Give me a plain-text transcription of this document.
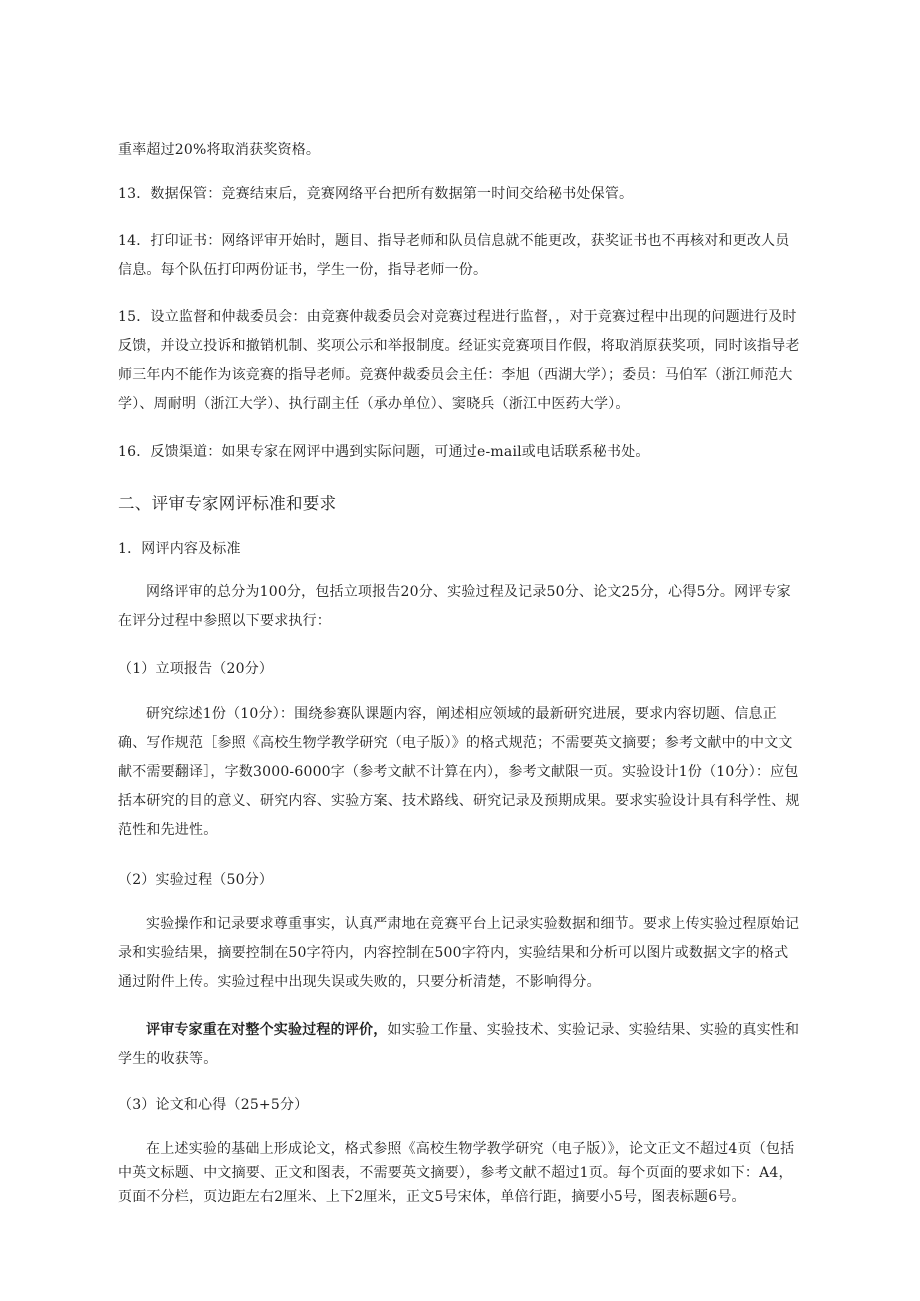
重率超过20%将取消获奖资格。

13．数据保管：竞赛结束后，竞赛网络平台把所有数据第一时间交给秘书处保管。

14．打印证书：网络评审开始时，题目、指导老师和队员信息就不能更改，获奖证书也不再核对和更改人员信息。每个队伍打印两份证书，学生一份，指导老师一份。

15．设立监督和仲裁委员会：由竞赛仲裁委员会对竞赛过程进行监督，，对于竞赛过程中出现的问题进行及时反馈，并设立投诉和撤销机制、奖项公示和举报制度。经证实竞赛项目作假，将取消原获奖项，同时该指导老师三年内不能作为该竞赛的指导老师。竞赛仲裁委员会主任：李旭（西湖大学）；委员：马伯军（浙江师范大学）、周耐明（浙江大学）、执行副主任（承办单位）、窦晓兵（浙江中医药大学）。

16．反馈渠道：如果专家在网评中遇到实际问题，可通过e-mail或电话联系秘书处。

二、评审专家网评标准和要求

1．网评内容及标准

网络评审的总分为100分，包括立项报告20分、实验过程及记录50分、论文25分，心得5分。网评专家在评分过程中参照以下要求执行：

（1）立项报告（20分）

研究综述1份（10分）：围绕参赛队课题内容，阐述相应领域的最新研究进展，要求内容切题、信息正确、写作规范［参照《高校生物学教学研究（电子版）》的格式规范；不需要英文摘要；参考文献中的中文文献不需要翻译］，字数3000-6000字（参考文献不计算在内），参考文献限一页。实验设计1份（10分）：应包括本研究的目的意义、研究内容、实验方案、技术路线、研究记录及预期成果。要求实验设计具有科学性、规范性和先进性。

（2）实验过程（50分）

实验操作和记录要求尊重事实，认真严肃地在竞赛平台上记录实验数据和细节。要求上传实验过程原始记录和实验结果，摘要控制在50字符内，内容控制在500字符内，实验结果和分析可以图片或数据文字的格式通过附件上传。实验过程中出现失误或失败的，只要分析清楚，不影响得分。

评审专家重在对整个实验过程的评价，如实验工作量、实验技术、实验记录、实验结果、实验的真实性和学生的收获等。

（3）论文和心得（25+5分）

在上述实验的基础上形成论文，格式参照《高校生物学教学研究（电子版）》，论文正文不超过4页（包括中英文标题、中文摘要、正文和图表，不需要英文摘要），参考文献不超过1页。每个页面的要求如下：A4，页面不分栏，页边距左右2厘米、上下2厘米，正文5号宋体，单倍行距，摘要小5号，图表标题6号。
